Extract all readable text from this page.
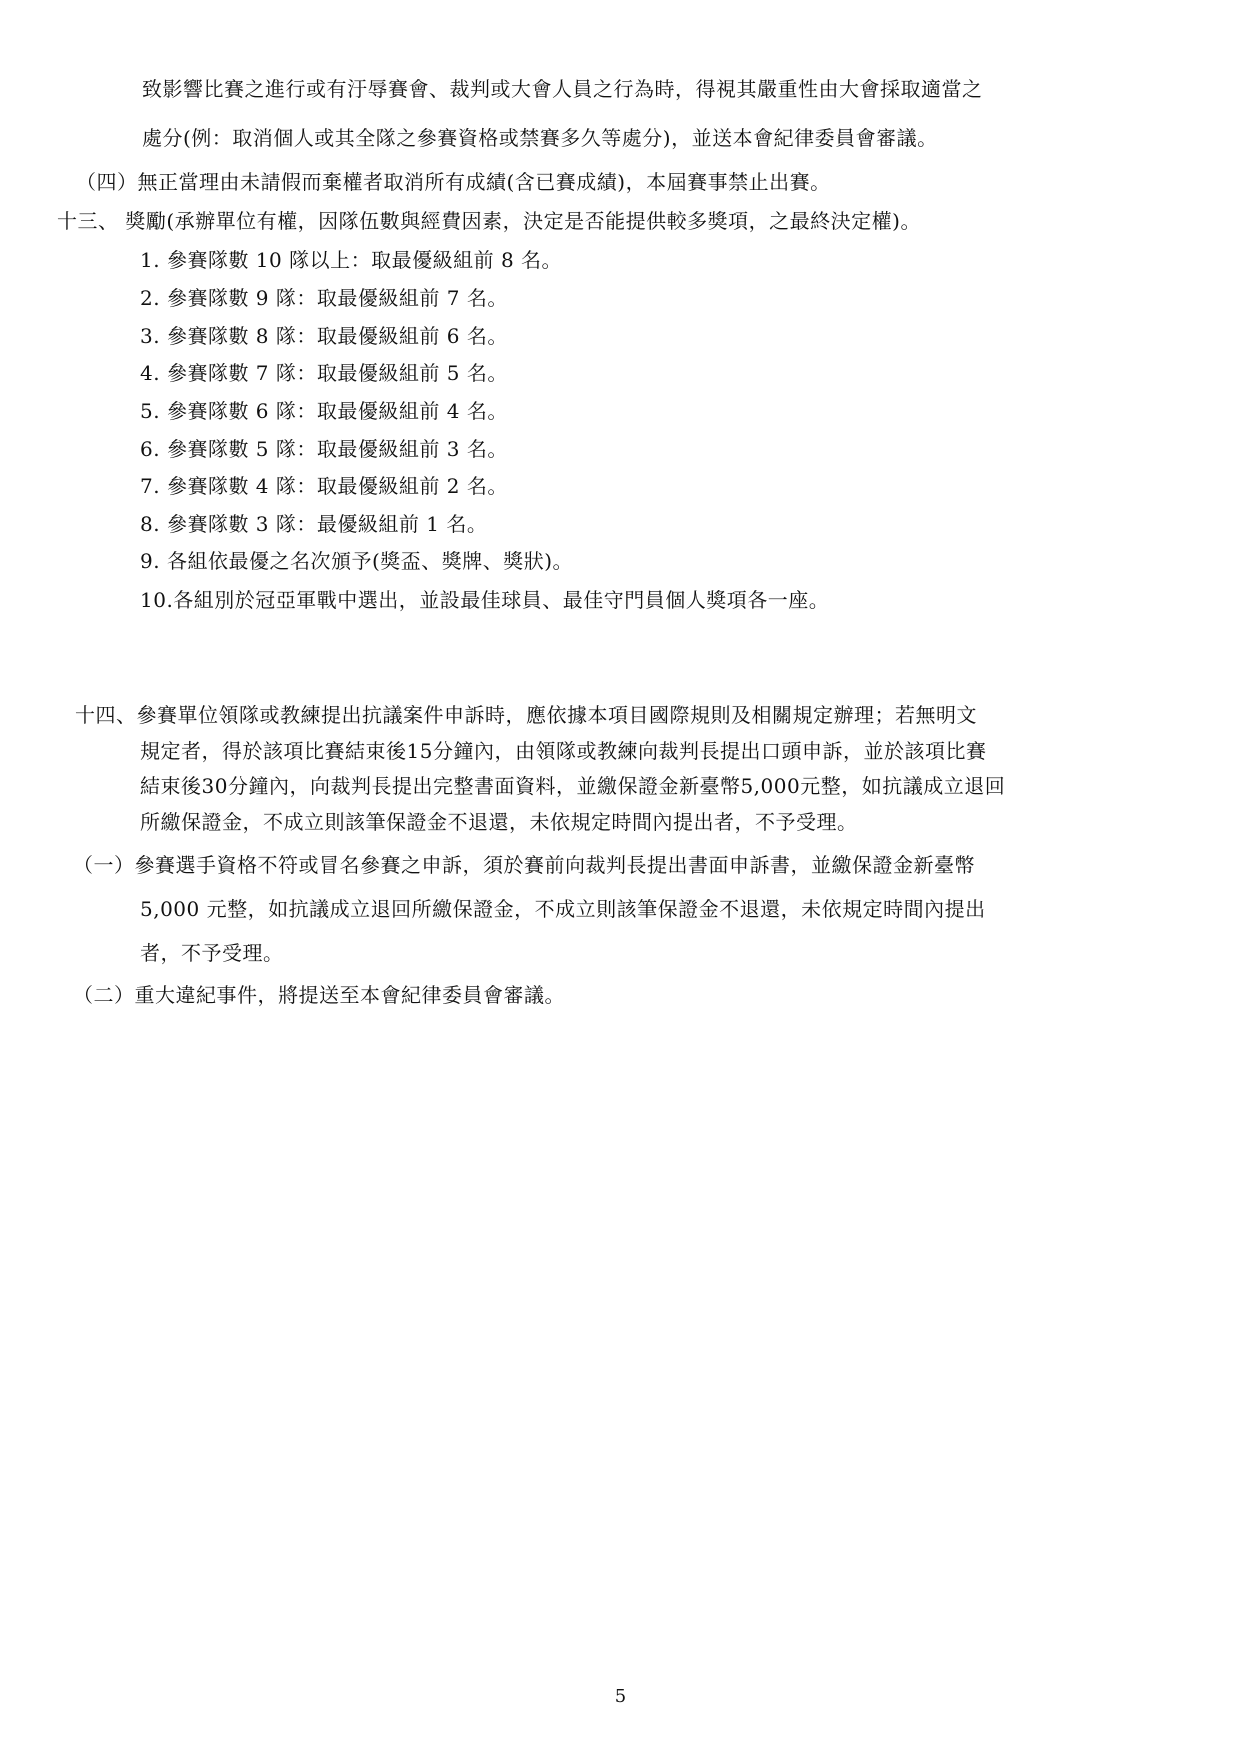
致影響比賽之進行或有汙辱賽會、裁判或大會人員之行為時，得視其嚴重性由大會採取適當之
處分(例：取消個人或其全隊之參賽資格或禁賽多久等處分)，並送本會紀律委員會審議。
（四）無正當理由未請假而棄權者取消所有成績(含已賽成績)，本屆賽事禁止出賽。
十三、 獎勵(承辦單位有權，因隊伍數與經費因素，決定是否能提供較多獎項，之最終決定權)。
1. 參賽隊數 10 隊以上：取最優級組前 8 名。
2. 參賽隊數 9 隊：取最優級組前 7 名。
3. 參賽隊數 8 隊：取最優級組前 6 名。
4. 參賽隊數 7 隊：取最優級組前 5 名。
5. 參賽隊數 6 隊：取最優級組前 4 名。
6. 參賽隊數 5 隊：取最優級組前 3 名。
7. 參賽隊數 4 隊：取最優級組前 2 名。
8. 參賽隊數 3 隊：最優級組前 1 名。
9. 各組依最優之名次頒予(獎盃、獎牌、獎狀)。
10.各組別於冠亞軍戰中選出，並設最佳球員、最佳守門員個人獎項各一座。
十四、參賽單位領隊或教練提出抗議案件申訴時，應依據本項目國際規則及相關規定辦理；若無明文
規定者，得於該項比賽結束後15分鐘內，由領隊或教練向裁判長提出口頭申訴，並於該項比賽
結束後30分鐘內，向裁判長提出完整書面資料，並繳保證金新臺幣5,000元整，如抗議成立退回
所繳保證金，不成立則該筆保證金不退還，未依規定時間內提出者，不予受理。
（一）參賽選手資格不符或冒名參賽之申訴，須於賽前向裁判長提出書面申訴書，並繳保證金新臺幣
5,000 元整，如抗議成立退回所繳保證金，不成立則該筆保證金不退還，未依規定時間內提出
者，不予受理。
（二）重大違紀事件，將提送至本會紀律委員會審議。
5
